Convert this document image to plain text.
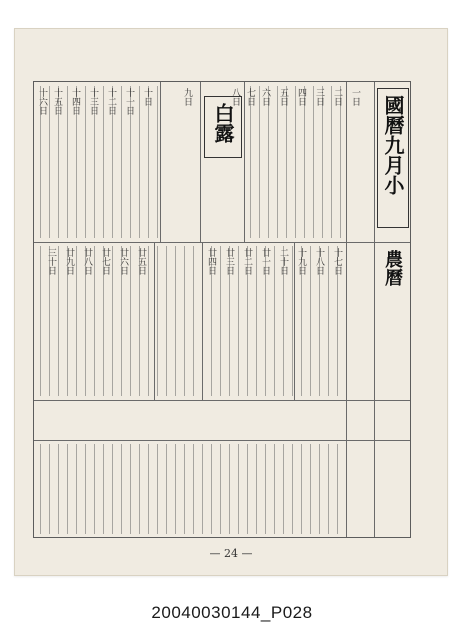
國曆九月小
農曆
白露
一日
二日
三日
四日
五日
六日
七日
八日
九日
十日
十一日
十二日
十三日
十四日
十五日
十六日
十七日
十八日
十九日
二十日
廿一日
廿二日
廿三日
廿四日
廿五日
廿六日
廿七日
廿八日
廿九日
三十日
— 24 —
20040030144_P028
